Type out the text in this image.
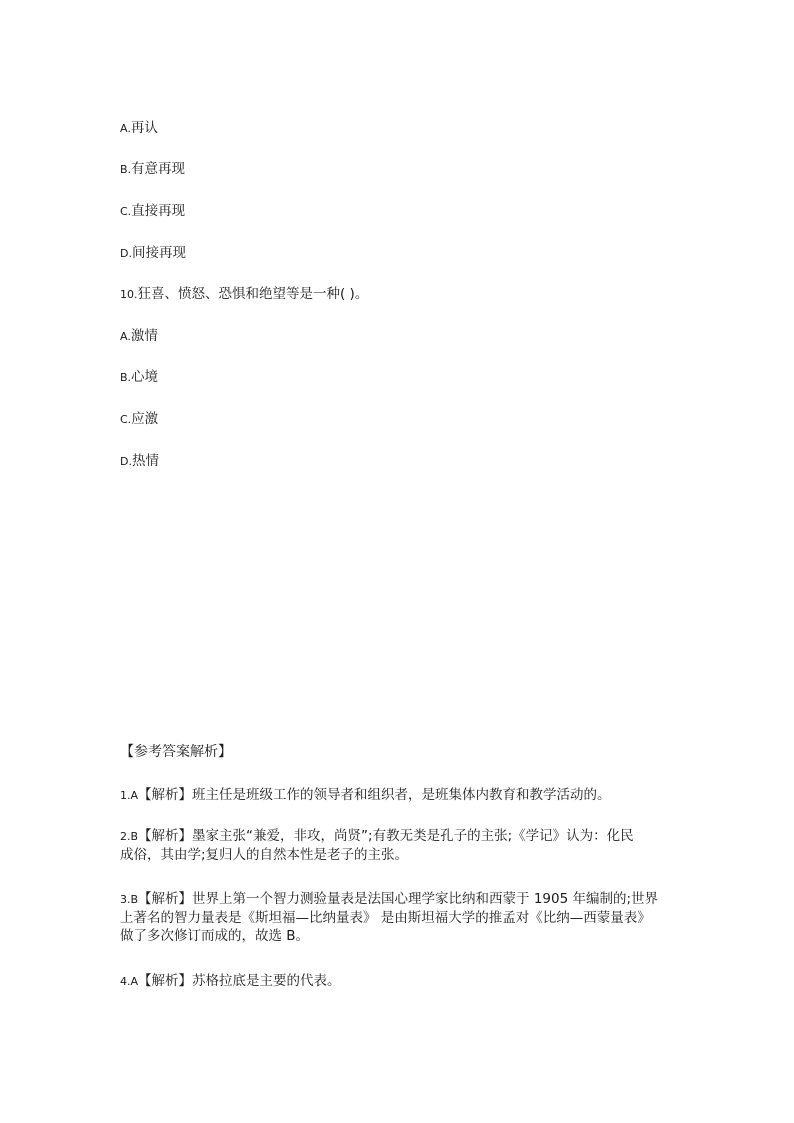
A.再认
B.有意再现
C.直接再现
D.间接再现
10.狂喜、愤怒、恐惧和绝望等是一种( )。
A.激情
B.心境
C.应激
D.热情
【参考答案解析】
1.A【解析】班主任是班级工作的领导者和组织者，是班集体内教育和教学活动的。
2.B【解析】墨家主张“兼爱，非攻，尚贤”;有教无类是孔子的主张;《学记》认为：化民
成俗，其由学;复归人的自然本性是老子的主张。
3.B【解析】世界上第一个智力测验量表是法国心理学家比纳和西蒙于 1905 年编制的;世界
上著名的智力量表是《斯坦福—比纳量表》 是由斯坦福大学的推孟对《比纳—西蒙量表》
做了多次修订而成的，故选 B。
4.A【解析】苏格拉底是主要的代表。
